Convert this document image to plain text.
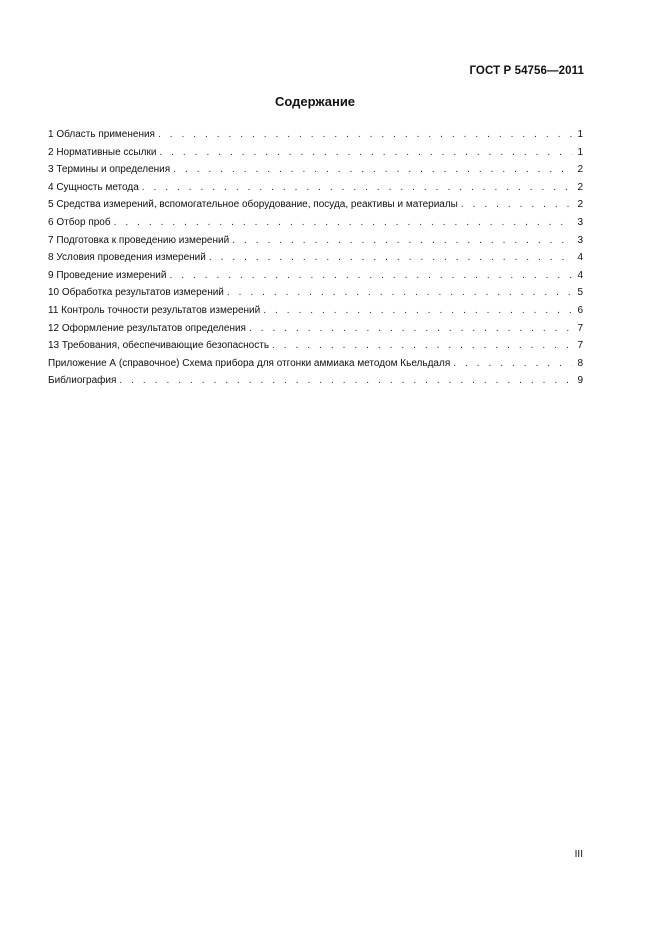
ГОСТ Р 54756—2011
Содержание
1 Область применения . . .	1
2 Нормативные ссылки . . .	1
3 Термины и определения . . .	2
4 Сущность метода . . .	2
5 Средства измерений, вспомогательное оборудование, посуда, реактивы и материалы . . .	2
6 Отбор проб . . .	3
7 Подготовка к проведению измерений . . .	3
8 Условия проведения измерений . . .	4
9 Проведение измерений . . .	4
10 Обработка результатов измерений . . .	5
11 Контроль точности результатов измерений . . .	6
12 Оформление результатов определения . . .	7
13 Требования, обеспечивающие безопасность . . .	7
Приложение А (справочное) Схема прибора для отгонки аммиака методом Кьельдаля . . .	8
Библиография . . .	9
III
